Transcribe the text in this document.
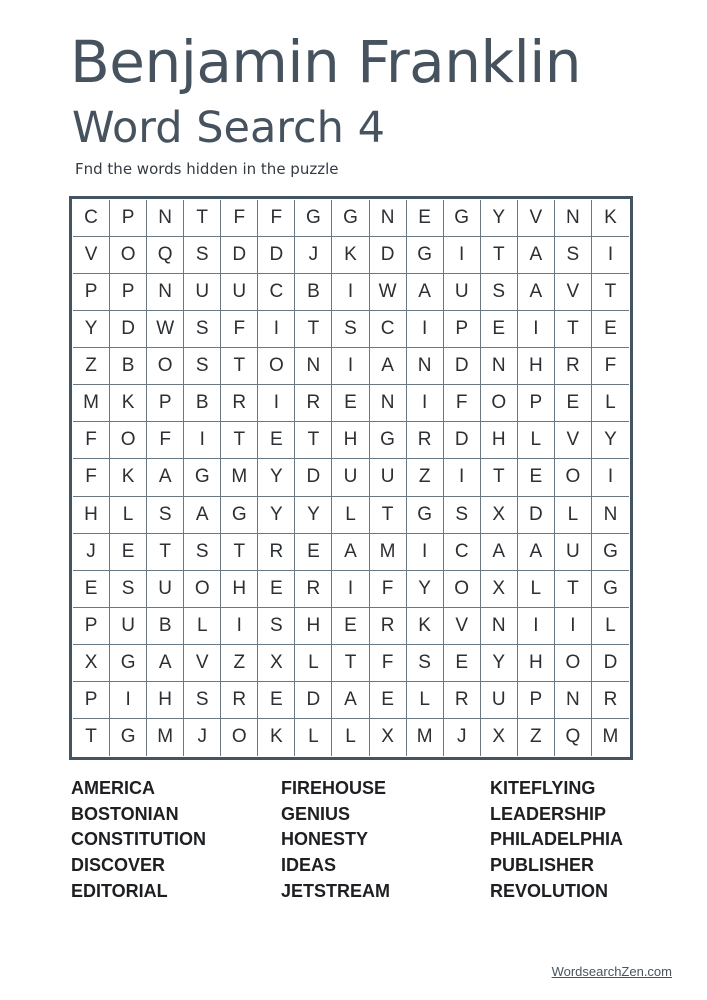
Benjamin Franklin
Word Search 4
Fnd the words hidden in the puzzle
C	P	N	T	F	F	G	G	N	E	G	Y	V	N	K
V	O	Q	S	D	D	J	K	D	G	I	T	A	S	I
P	P	N	U	U	C	B	I	W	A	U	S	A	V	T
Y	D	W	S	F	I	T	S	C	I	P	E	I	T	E
Z	B	O	S	T	O	N	I	A	N	D	N	H	R	F
M	K	P	B	R	I	R	E	N	I	F	O	P	E	L
F	O	F	I	T	E	T	H	G	R	D	H	L	V	Y
F	K	A	G	M	Y	D	U	U	Z	I	T	E	O	I
H	L	S	A	G	Y	Y	L	T	G	S	X	D	L	N
J	E	T	S	T	R	E	A	M	I	C	A	A	U	G
E	S	U	O	H	E	R	I	F	Y	O	X	L	T	G
P	U	B	L	I	S	H	E	R	K	V	N	I	I	L
X	G	A	V	Z	X	L	T	F	S	E	Y	H	O	D
P	I	H	S	R	E	D	A	E	L	R	U	P	N	R
T	G	M	J	O	K	L	L	X	M	J	X	Z	Q	M
AMERICA
BOSTONIAN
CONSTITUTION
DISCOVER
EDITORIAL
FIREHOUSE
GENIUS
HONESTY
IDEAS
JETSTREAM
KITEFLYING
LEADERSHIP
PHILADELPHIA
PUBLISHER
REVOLUTION
WordsearchZen.com
